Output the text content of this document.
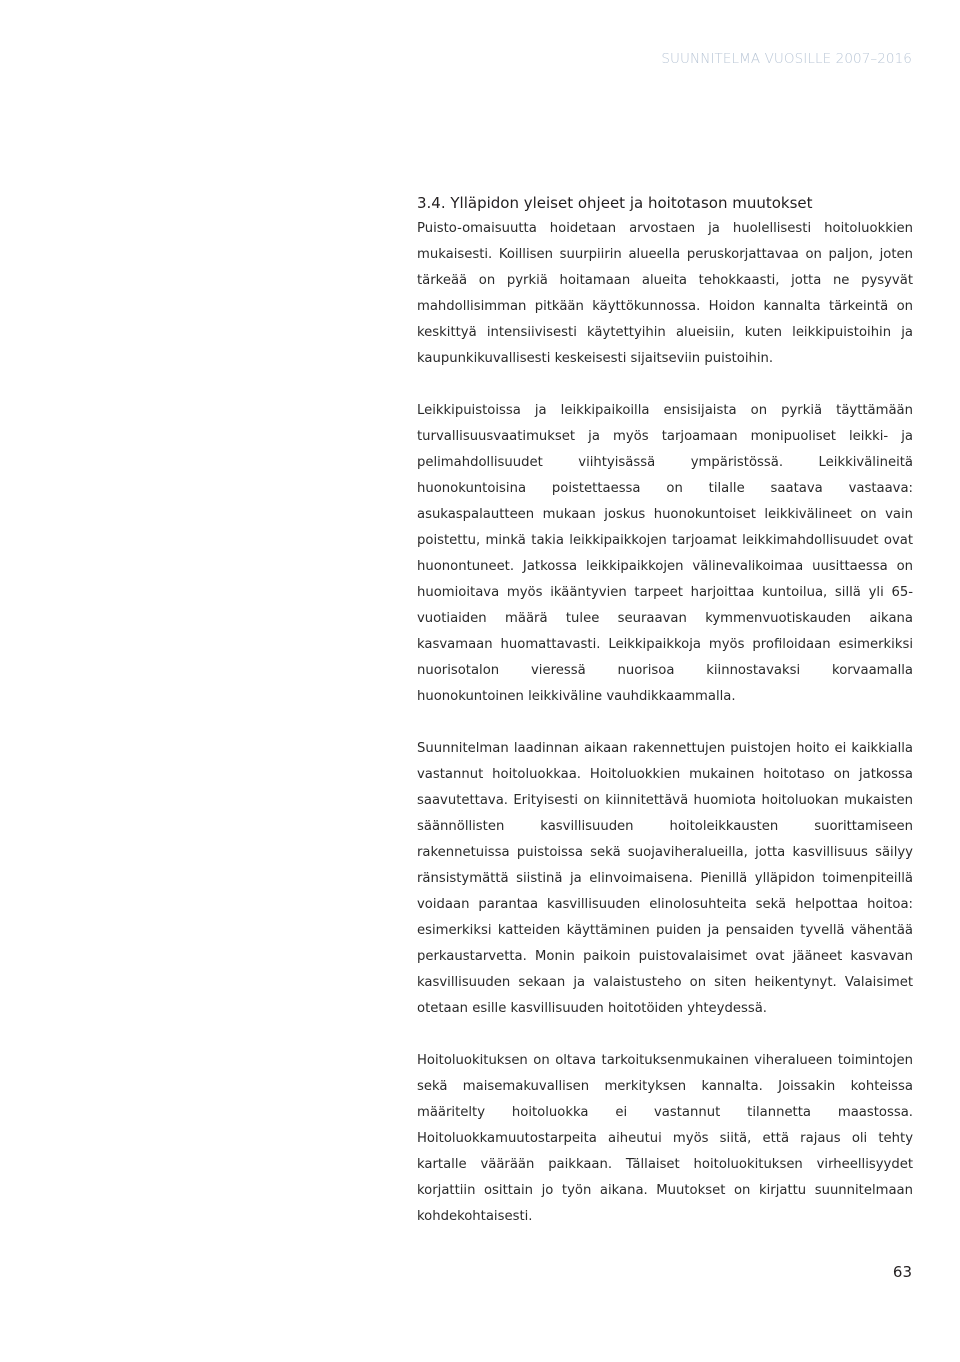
SUUNNITELMA VUOSILLE 2007–2016
3.4. Ylläpidon yleiset ohjeet ja hoitotason muutokset

Puisto-omaisuutta hoidetaan arvostaen ja huolellisesti hoitoluokkien mukaisesti. Koillisen suurpiirin alueella peruskorjattavaa on paljon, joten tärkeää on pyrkiä hoitamaan alueita tehokkaasti, jotta ne pysyvät mahdollisimman pitkään käyttökunnossa. Hoidon kannalta tärkeintä on keskittyä intensiivisesti käytettyihin alueisiin, kuten leikkipuistoihin ja kaupunkikuvallisesti keskeisesti sijaitseviin puistoihin.

Leikkipuistoissa ja leikkipaikoilla ensisijaista on pyrkiä täyttämään turvallisuusvaatimukset ja myös tarjoamaan monipuoliset leikki- ja pelimahdollisuudet viihtyisässä ympäristössä. Leikkivälineitä huonokuntoisina poistettaessa on tilalle saatava vastaava: asukaspalautteen mukaan joskus huonokuntoiset leikkivälineet on vain poistettu, minkä takia leikkipaikkojen tarjoamat leikkimahdollisuudet ovat huonontuneet. Jatkossa leikkipaikkojen välinevalikoimaa uusittaessa on huomioitava myös ikääntyvien tarpeet harjoittaa kuntoilua, sillä yli 65-vuotiaiden määrä tulee seuraavan kymmenvuotiskauden aikana kasvamaan huomattavasti. Leikkipaikkoja myös profiloidaan esimerkiksi nuorisotalon vieressä nuorisoa kiinnostavaksi korvaamalla huonokuntoinen leikkiväline vauhdikkaammalla.

Suunnitelman laadinnan aikaan rakennettujen puistojen hoito ei kaikkialla vastannut hoitoluokkaa. Hoitoluokkien mukainen hoitotaso on jatkossa saavutettava. Erityisesti on kiinnitettävä huomiota hoitoluokan mukaisten säännöllisten kasvillisuuden hoitoleikkausten suorittamiseen rakennetuissa puistoissa sekä suojaviheralueilla, jotta kasvillisuus säilyy ränsistymättä siistinä ja elinvoimaisena. Pienillä ylläpidon toimenpiteillä voidaan parantaa kasvillisuuden elinolosuhteita sekä helpottaa hoitoa: esimerkiksi katteiden käyttäminen puiden ja pensaiden tyvellä vähentää perkaustarvetta. Monin paikoin puistovalaisimet ovat jääneet kasvavan kasvillisuuden sekaan ja valaistusteho on siten heikentynyt. Valaisimet otetaan esille kasvillisuuden hoitotöiden yhteydessä.

Hoitoluokituksen on oltava tarkoituksenmukainen viheralueen toimintojen sekä maisemakuvallisen merkityksen kannalta. Joissakin kohteissa määritelty hoitoluokka ei vastannut tilannetta maastossa. Hoitoluokkamuutostarpeita aiheutui myös siitä, että rajaus oli tehty kartalle väärään paikkaan. Tällaiset hoitoluokituksen virheellisyydet korjattiin osittain jo työn aikana. Muutokset on kirjattu suunnitelmaan kohdekohtaisesti.

63
